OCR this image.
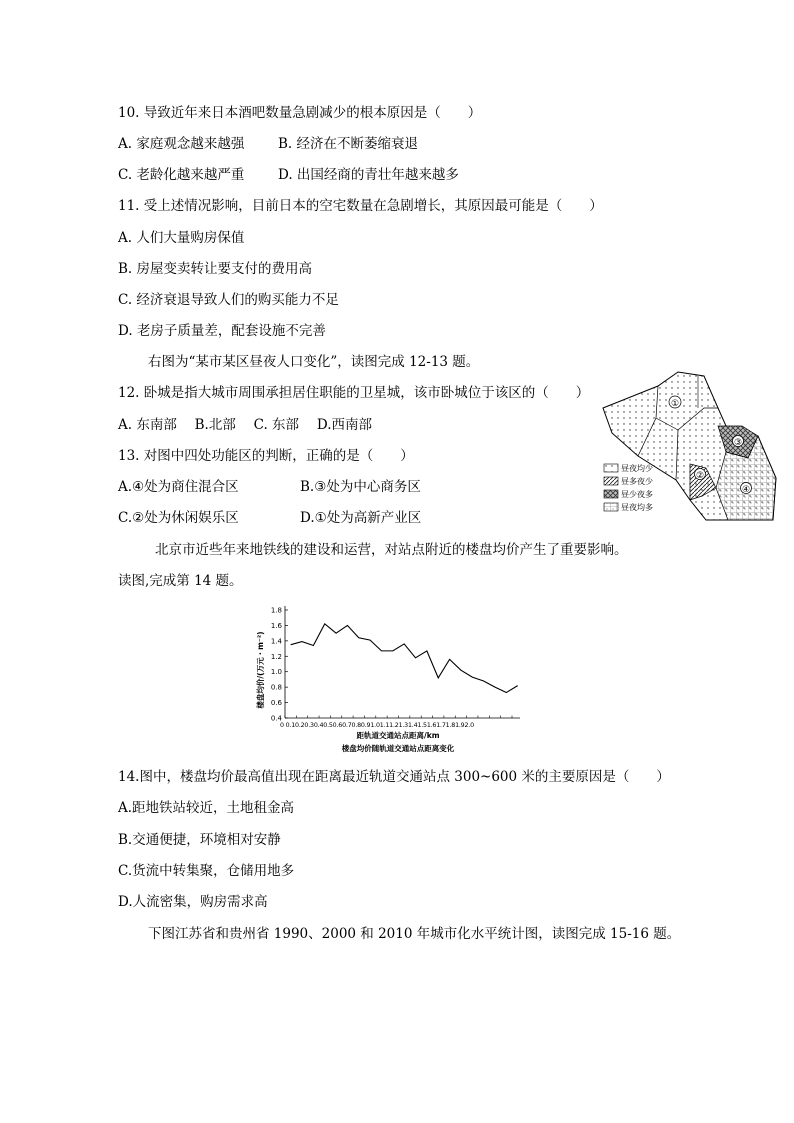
10. 导致近年来日本酒吧数量急剧减少的根本原因是（　　）
A. 家庭观念越来越强 B. 经济在不断萎缩衰退
C. 老龄化越来越严重 D. 出国经商的青壮年越来越多
11. 受上述情况影响，目前日本的空宅数量在急剧增长，其原因最可能是（　　）
A. 人们大量购房保值
B. 房屋变卖转让要支付的费用高
C. 经济衰退导致人们的购买能力不足
D. 老房子质量差，配套设施不完善
右图为“某市某区昼夜人口变化”，读图完成 12-13 题。
12. 卧城是指大城市周围承担居住职能的卫星城，该市卧城位于该区的（　　）
A. 东南部　 B.北部　 C. 东部　 D.西南部
13. 对图中四处功能区的判断，正确的是（　　）
A.④处为商住混合区	B.③处为中心商务区
C.②处为休闲娱乐区	D.①处为高新产业区
①
②
③
④
昼夜均少
昼多夜少
昼少夜多
昼夜均多
北京市近些年来地铁线的建设和运营，对站点附近的楼盘均价产生了重要影响。
读图,完成第 14 题。
0.4
0.6
0.8
1.0
1.2
1.4
1.6
1.8
0 0.10.20.30.40.50.60.70.80.91.01.11.21.31.41.51.61.71.81.92.0
楼盘均价/(万元・m⁻²)
距轨道交通站点距离/km
楼盘均价随轨道交通站点距离变化
14.图中，楼盘均价最高值出现在距离最近轨道交通站点 300~600 米的主要原因是（　　）
A.距地铁站较近，土地租金高
B.交通便捷，环境相对安静
C.货流中转集聚，仓储用地多
D.人流密集，购房需求高
下图江苏省和贵州省 1990、2000 和 2010 年城市化水平统计图，读图完成 15-16 题。
